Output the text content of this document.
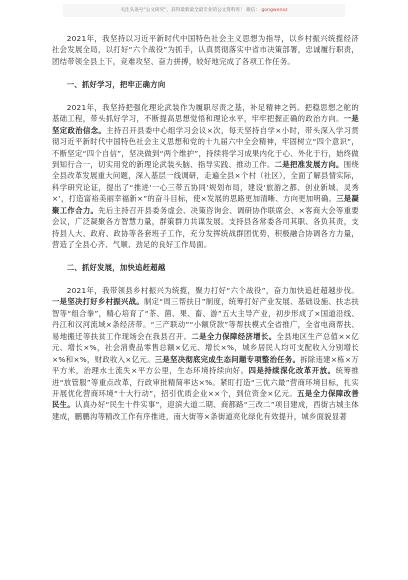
关注头条号“公文研究”，获得最新最全最专业的公文资料库！ 微信： gongwenxz

2021年，我坚持以习近平新时代中国特色社会主义思想为指导，以乡村振兴统揽经济社会发展全局，以打好“六个战役”为抓手，认真贯彻落实中省市决策部署，忠诚履行职责，团结带领全县上下，竞难攻坚、奋力拼搏，较好地完成了各项工作任务。

一、抓好学习，把牢正确方向

2021年，我坚持把强化理论武装作为履职尽责之基，补足精神之钙。把稳思想之舵的基础工程，带头抓好学习，不断提高思想觉悟和理论水平，牢牢把握正确的政治方向。一是坚定政治信念。主持召开县委中心组学习会议×次，每天坚持自学×小时，带头深入学习贯彻习近平新时代中国特色社会主义思想和党的十九届六中全会精神，牢固树立“四个意识”，不断坚定“四个自信”，坚决做到“两个维护”，持续将学习成果内化于心、外化于行，始终做到知行合一，切实用党的新理论武装头脑、指导实践、推动工作。二是把准发展方向。围绕全县改革发展重大问题，深入基层一线调研，走遍全县×个村（社区），全面了解县情实际，科学研究论证，提出了“推进‘一心三带五协同’规划布局，建设‘旅游之都、创业新城、灵秀×’，打造富裕美丽幸福新×”的奋斗目标，使×发展的思路更加清晰、方向更加明确。三是凝聚工作合力。先后主持召开县委务虚会、决策咨询会、调研协作联席会、×客商大会等重要会议，广泛凝聚各方智慧力量，群策群力共谋发展。支持县各常委各司其职、各负其责，支持县人大、政府、政协等各套班子工作，充分发挥统战群团优势，积极融合协调各方力量，营造了全县心齐、气顺、劲足的良好工作局面。

二、抓好发展，加快追赶超越

2021年，我带领县乡村振兴为统揽，聚力打好“六个战役”，奋力加快追赶超越步伐。一是坚决打好乡村振兴战。制定“周三帮扶日”制度，统筹打好产业发展、基础设施、扶志扶智等“组合拳”，精心培育了“茶、菌、果、畜、游”五大主导产业，初步形成了×国道沿线、丹江和汉河流域×条经济带。“三产联动”“小额贷款”等帮扶模式全省推广，全省电商帮扶、易地搬迁等扶贫工作现场会在我县召开。二是全力保障经济增长。全县地区生产总值××亿元、增长×%，社会消费品零售总额×亿元、增长×%，城乡居民人均可支配收入分别增长×%和×%，财政收入×亿元。三是坚决彻底完成生态问题专项整治任务。拆除违建×栋×万平方米，治理水土流失×平方公里，生态环境持续向好。四是持续深化改革开放。统筹推进“放管服”等重点改革，行政审批精简率达×%。紧盯打造“三优六最”营商环境目标，扎实开展优化营商环境“十大行动”，招引优质企业××个，到位资金×亿元。五是全力保障改善民生。认真办好“民生十件实事”，迎滨大道二期、商都路“三改二”项目建成，西街古城主体建成，鹏鹏沟等精改工作有序推进，南大街等×条街道亮化绿化有效提升，城乡面貌显著
